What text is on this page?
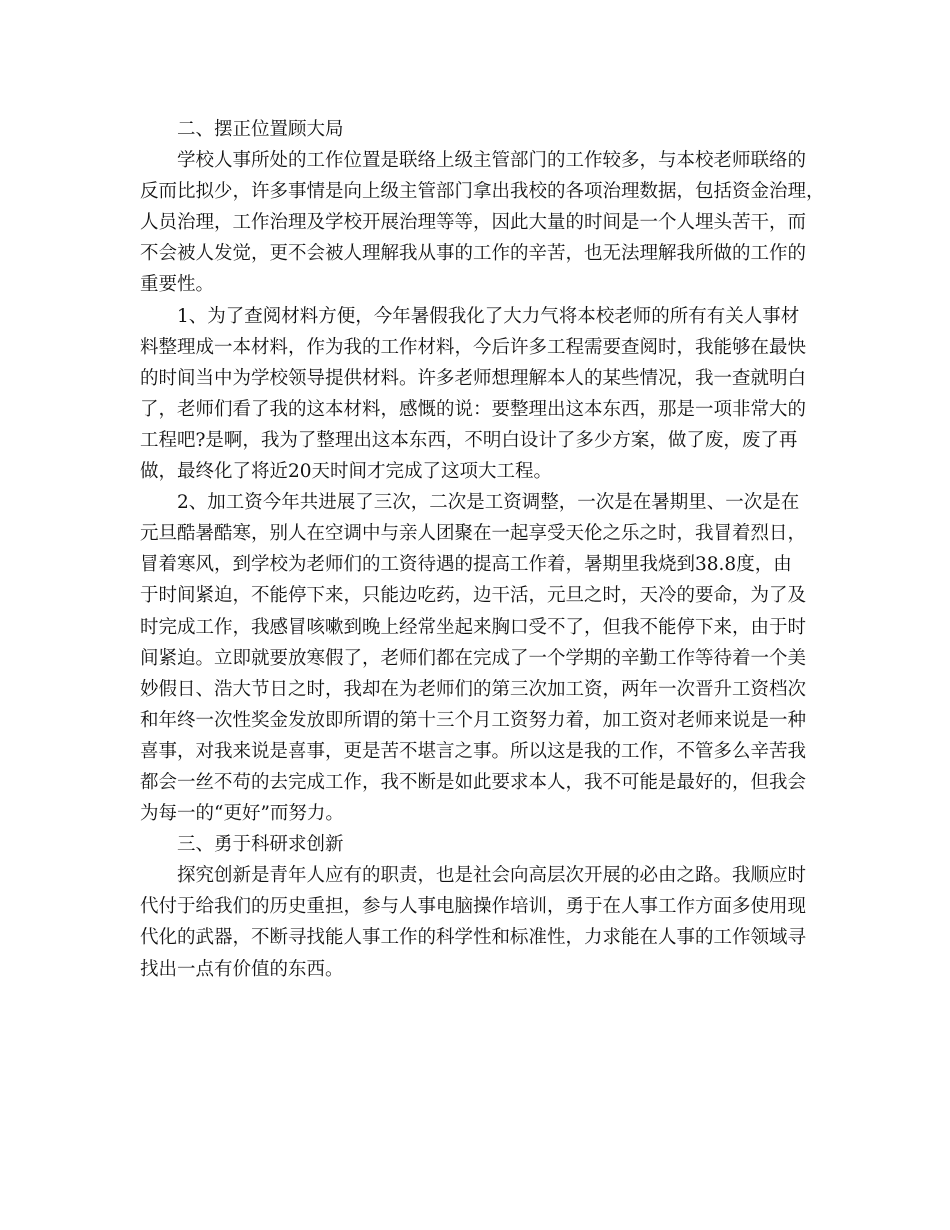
二、摆正位置顾大局

学校人事所处的工作位置是联络上级主管部门的工作较多，与本校老师联络的
反而比拟少，许多事情是向上级主管部门拿出我校的各项治理数据，包括资金治理，
人员治理，工作治理及学校开展治理等等，因此大量的时间是一个人埋头苦干，而
不会被人发觉，更不会被人理解我从事的工作的辛苦，也无法理解我所做的工作的
重要性。

1、为了查阅材料方便，今年暑假我化了大力气将本校老师的所有有关人事材
料整理成一本材料，作为我的工作材料，今后许多工程需要查阅时，我能够在最快
的时间当中为学校领导提供材料。许多老师想理解本人的某些情况，我一查就明白
了，老师们看了我的这本材料，感慨的说：要整理出这本东西，那是一项非常大的
工程吧?是啊，我为了整理出这本东西，不明白设计了多少方案，做了废，废了再
做，最终化了将近20天时间才完成了这项大工程。

2、加工资今年共进展了三次，二次是工资调整，一次是在暑期里、一次是在
元旦酷暑酷寒，别人在空调中与亲人团聚在一起享受天伦之乐之时，我冒着烈日，
冒着寒风，到学校为老师们的工资待遇的提高工作着，暑期里我烧到38.8度，由
于时间紧迫，不能停下来，只能边吃药，边干活，元旦之时，天冷的要命，为了及
时完成工作，我感冒咳嗽到晚上经常坐起来胸口受不了，但我不能停下来，由于时
间紧迫。立即就要放寒假了，老师们都在完成了一个学期的辛勤工作等待着一个美
妙假日、浩大节日之时，我却在为老师们的第三次加工资，两年一次晋升工资档次
和年终一次性奖金发放即所谓的第十三个月工资努力着，加工资对老师来说是一种
喜事，对我来说是喜事，更是苦不堪言之事。所以这是我的工作，不管多么辛苦我
都会一丝不苟的去完成工作，我不断是如此要求本人，我不可能是最好的，但我会
为每一的“更好”而努力。

三、勇于科研求创新

探究创新是青年人应有的职责，也是社会向高层次开展的必由之路。我顺应时
代付于给我们的历史重担，参与人事电脑操作培训，勇于在人事工作方面多使用现
代化的武器，不断寻找能人事工作的科学性和标准性，力求能在人事的工作领域寻
找出一点有价值的东西。
